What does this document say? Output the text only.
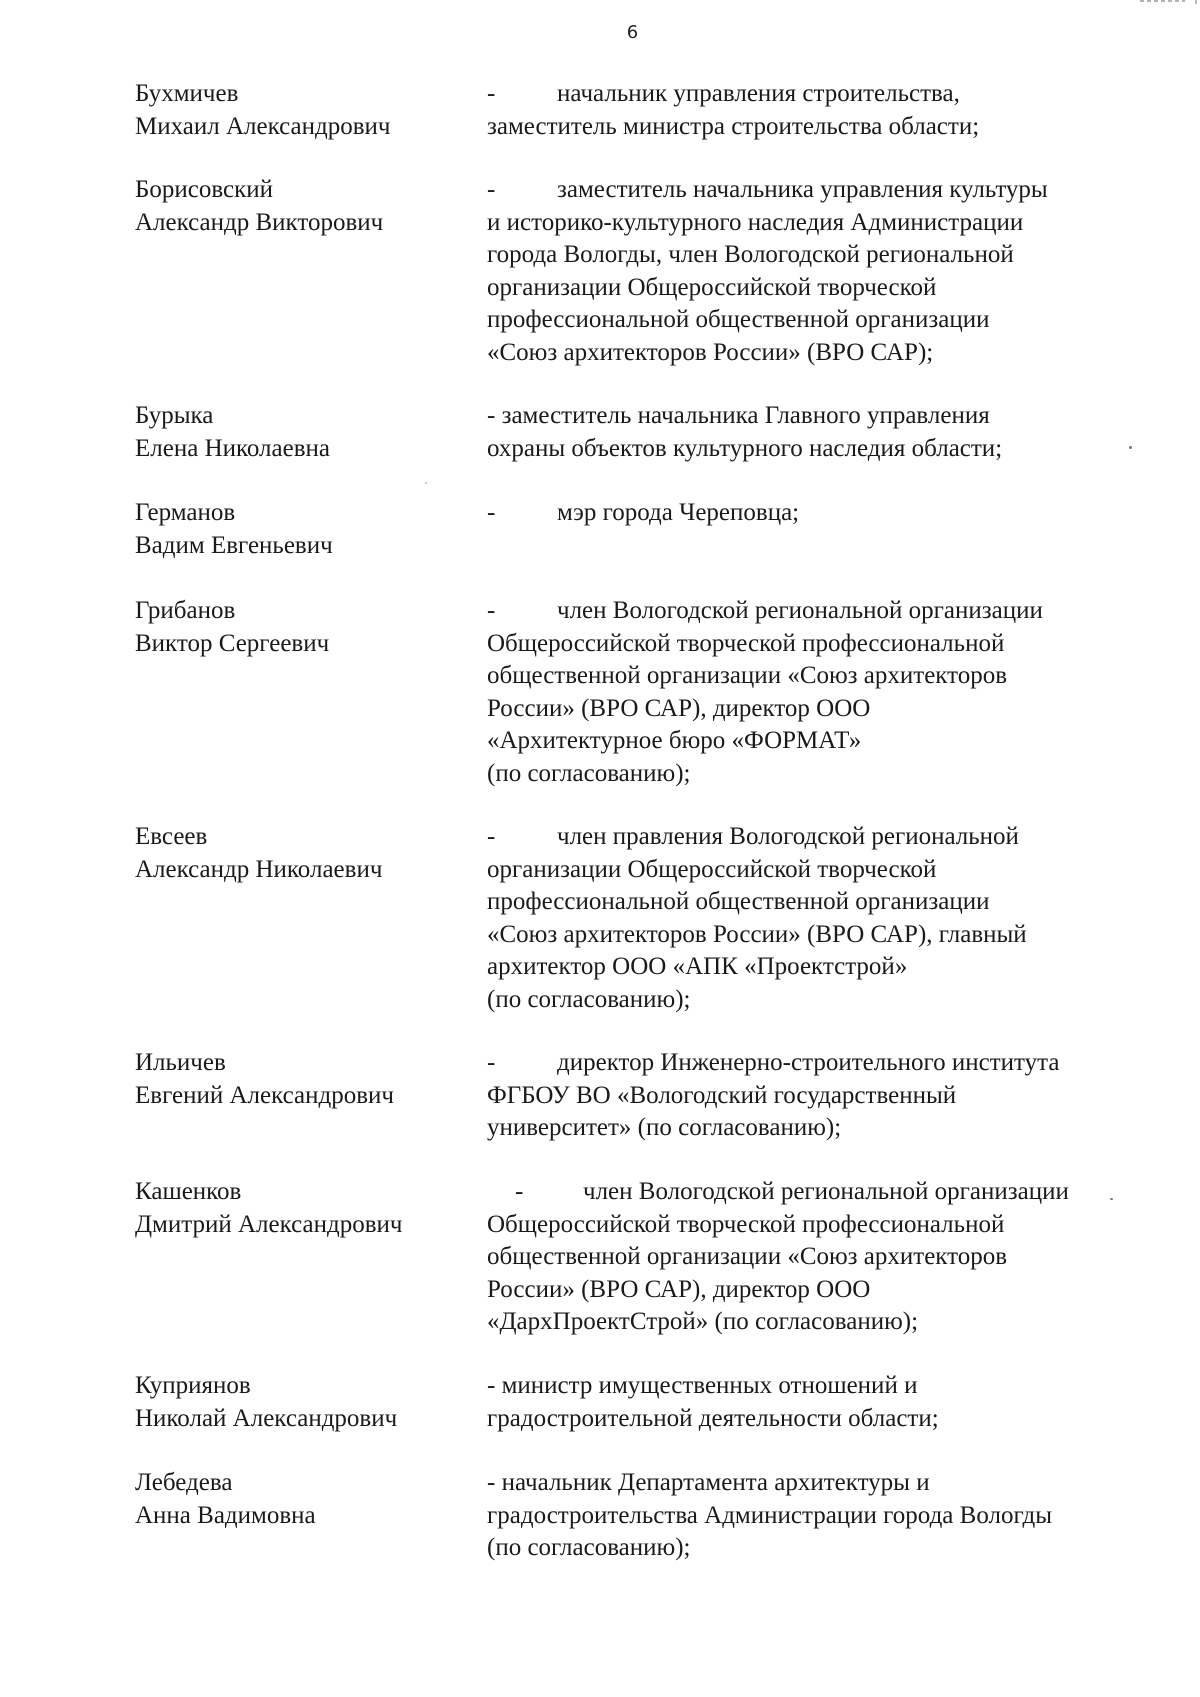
6
Бухмичев
Михаил Александрович
- начальник управления строительства,
заместитель министра строительства области;
Борисовский
Александр Викторович
- заместитель начальника управления культуры
и историко-культурного наследия Администрации
города Вологды, член Вологодской региональной
организации Общероссийской творческой
профессиональной общественной организации
«Союз архитекторов России» (ВРО САР);
Бурыка
Елена Николаевна
- заместитель начальника Главного управления
охраны объектов культурного наследия области;
Германов
Вадим Евгеньевич
- мэр города Череповца;
Грибанов
Виктор Сергеевич
- член Вологодской региональной организации
Общероссийской творческой профессиональной
общественной организации «Союз архитекторов
России» (ВРО САР), директор ООО
«Архитектурное бюро «ФОРМАТ»
(по согласованию);
Евсеев
Александр Николаевич
- член правления Вологодской региональной
организации Общероссийской творческой
профессиональной общественной организации
«Союз архитекторов России» (ВРО САР), главный
архитектор ООО «АПК «Проектстрой»
(по согласованию);
Ильичев
Евгений Александрович
- директор Инженерно-строительного института
ФГБОУ ВО «Вологодский государственный
университет» (по согласованию);
Кашенков
Дмитрий Александрович
- член Вологодской региональной организации
Общероссийской творческой профессиональной
общественной организации «Союз архитекторов
России» (ВРО САР), директор ООО
«ДархПроектСтрой» (по согласованию);
Куприянов
Николай Александрович
- министр имущественных отношений и
градостроительной деятельности области;
Лебедева
Анна Вадимовна
- начальник Департамента архитектуры и
градостроительства Администрации города Вологды
(по согласованию);
